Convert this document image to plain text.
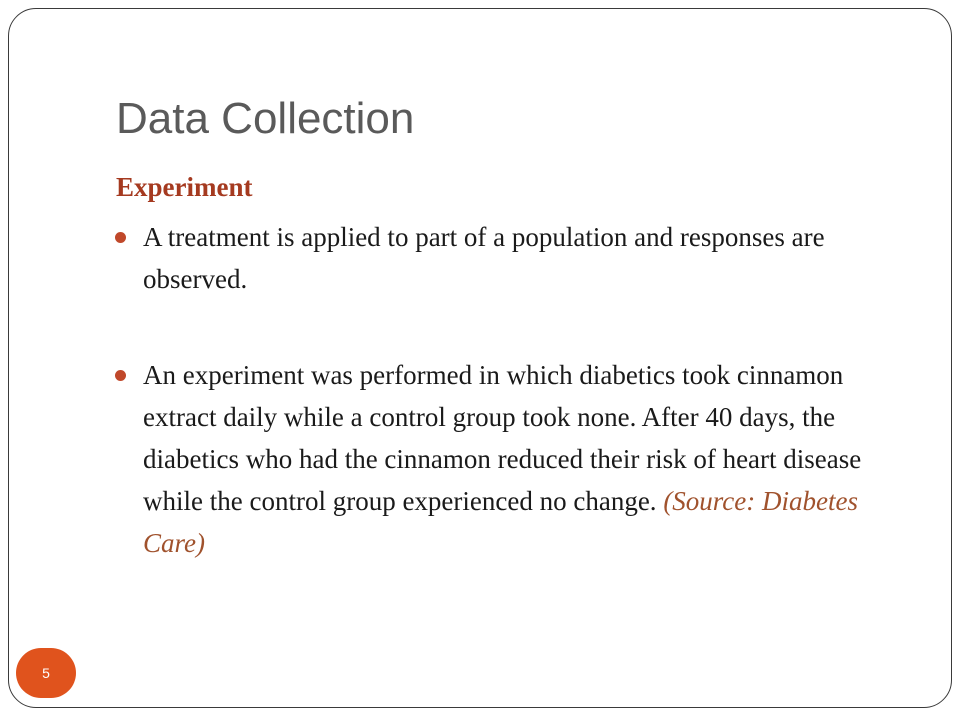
Data Collection
Experiment
A treatment is applied to part of a population and responses are observed.
An experiment was performed in which diabetics took cinnamon extract daily while a control group took none. After 40 days, the diabetics who had the cinnamon reduced their risk of heart disease while the control group experienced no change. (Source: Diabetes Care)
5
